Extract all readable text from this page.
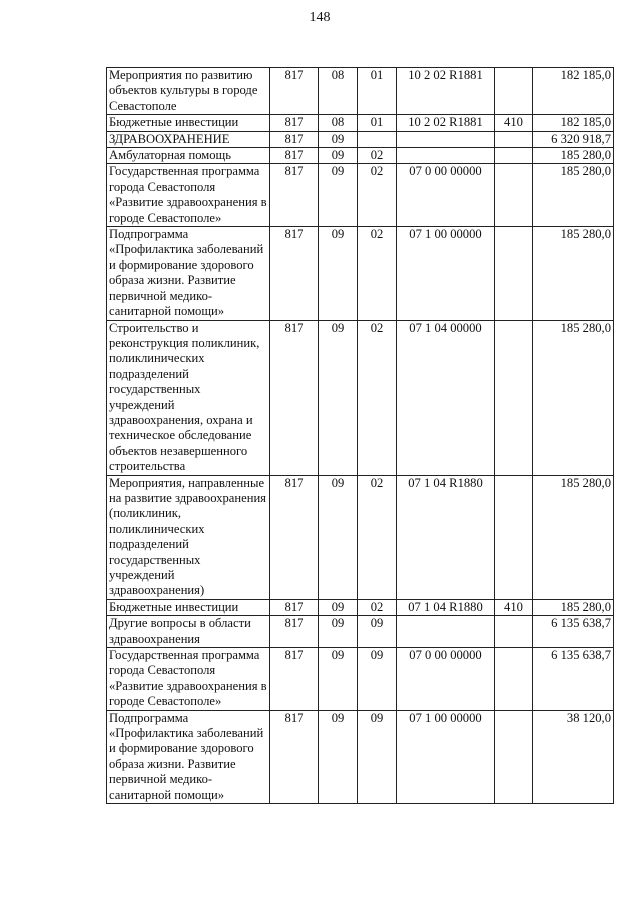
148
Мероприятия по развитию объектов культуры в городе Севастополе	817	08	01	10 2 02 R1881		182 185,0
Бюджетные инвестиции	817	08	01	10 2 02 R1881	410	182 185,0
ЗДРАВООХРАНЕНИЕ	817	09				6 320 918,7
Амбулаторная помощь	817	09	02			185 280,0
Государственная программа города Севастополя «Развитие здравоохранения в городе Севастополе»	817	09	02	07 0 00 00000		185 280,0
Подпрограмма «Профилактика заболеваний и формирование здорового образа жизни. Развитие первичной медико-санитарной помощи»	817	09	02	07 1 00 00000		185 280,0
Строительство и реконструкция поликлиник, поликлинических подразделений государственных учреждений здравоохранения, охрана и техническое обследование объектов незавершенного строительства	817	09	02	07 1 04 00000		185 280,0
Мероприятия, направленные на развитие здравоохранения (поликлиник, поликлинических подразделений государственных учреждений здравоохранения)	817	09	02	07 1 04 R1880		185 280,0
Бюджетные инвестиции	817	09	02	07 1 04 R1880	410	185 280,0
Другие вопросы в области здравоохранения	817	09	09			6 135 638,7
Государственная программа города Севастополя «Развитие здравоохранения в городе Севастополе»	817	09	09	07 0 00 00000		6 135 638,7
Подпрограмма «Профилактика заболеваний и формирование здорового образа жизни. Развитие первичной медико-санитарной помощи»	817	09	09	07 1 00 00000		38 120,0
